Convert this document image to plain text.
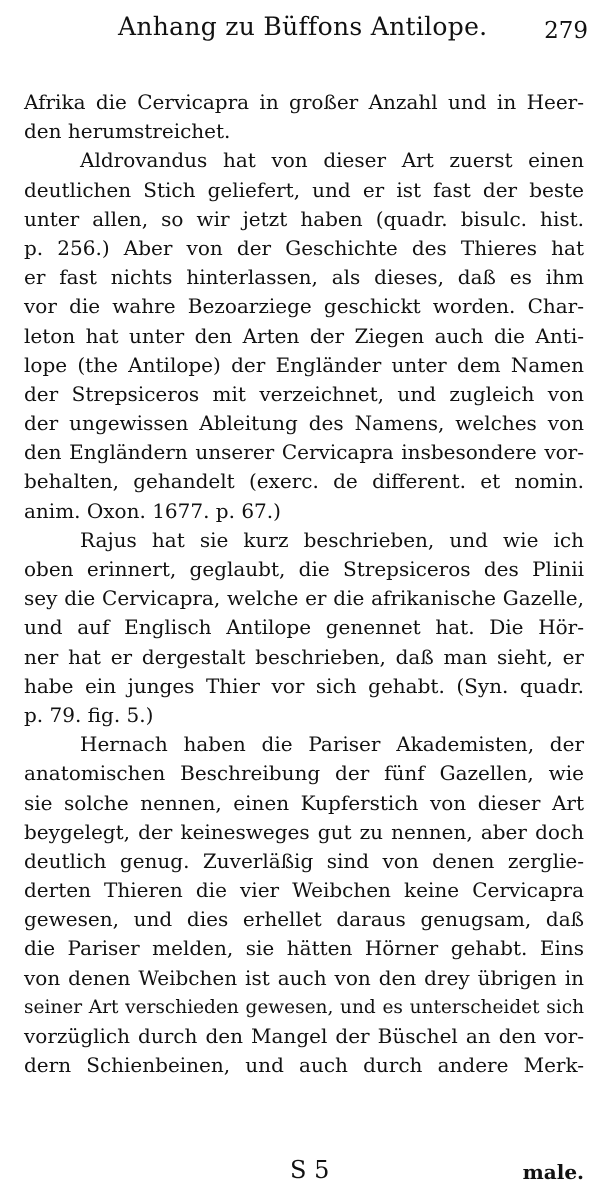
Anhang zu Büffons Antilope. 279
Afrika die Cervicapra in großer Anzahl und in Heer-
den herumstreichet.
Aldrovandus hat von dieser Art zuerst einen
deutlichen Stich geliefert, und er ist fast der beste
unter allen, so wir jetzt haben (quadr. bisulc. hist.
p. 256.) Aber von der Geschichte des Thieres hat
er fast nichts hinterlassen, als dieses, daß es ihm
vor die wahre Bezoarziege geschickt worden. Char-
leton hat unter den Arten der Ziegen auch die Anti-
lope (the Antilope) der Engländer unter dem Namen
der Strepsiceros mit verzeichnet, und zugleich von
der ungewissen Ableitung des Namens, welches von
den Engländern unserer Cervicapra insbesondere vor-
behalten, gehandelt (exerc. de different. et nomin.
anim. Oxon. 1677. p. 67.)
Rajus hat sie kurz beschrieben, und wie ich
oben erinnert, geglaubt, die Strepsiceros des Plinii
sey die Cervicapra, welche er die afrikanische Gazelle,
und auf Englisch Antilope genennet hat. Die Hör-
ner hat er dergestalt beschrieben, daß man sieht, er
habe ein junges Thier vor sich gehabt. (Syn. quadr.
p. 79. fig. 5.)
Hernach haben die Pariser Akademisten, der
anatomischen Beschreibung der fünf Gazellen, wie
sie solche nennen, einen Kupferstich von dieser Art
beygelegt, der keinesweges gut zu nennen, aber doch
deutlich genug. Zuverläßig sind von denen zerglie-
derten Thieren die vier Weibchen keine Cervicapra
gewesen, und dies erhellet daraus genugsam, daß
die Pariser melden, sie hätten Hörner gehabt. Eins
von denen Weibchen ist auch von den drey übrigen in
seiner Art verschieden gewesen, und es unterscheidet sich
vorzüglich durch den Mangel der Büschel an den vor-
dern Schienbeinen, und auch durch andere Merk-
S 5	male.
